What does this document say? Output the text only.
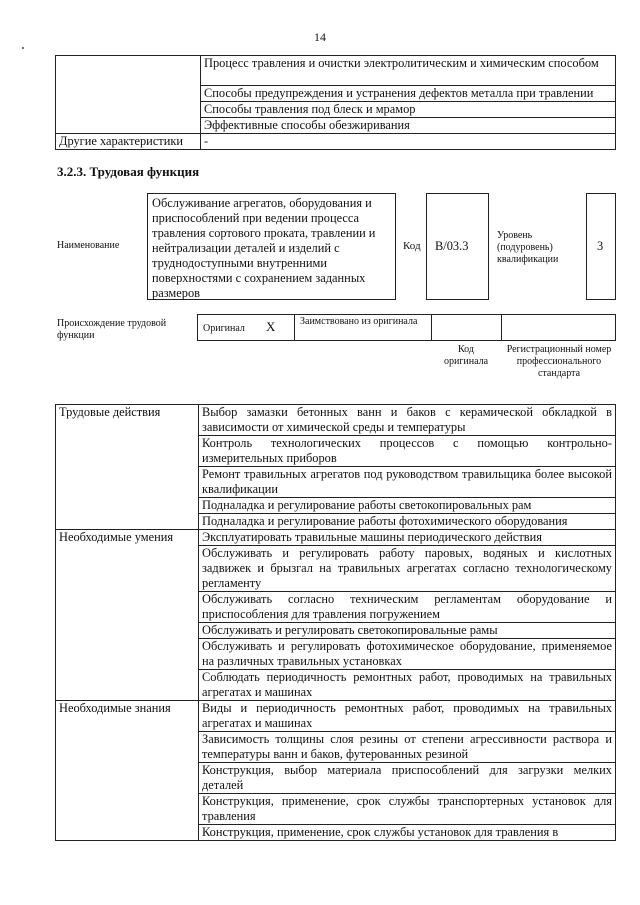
14
	Процесс травления и очистки электролитическим и химическим способом
	Способы предупреждения и устранения дефектов металла при травлении
	Способы травления под блеск и мрамор
	Эффективные способы обезжиривания
Другие характеристики	-
3.2.3. Трудовая функция
Наименование
Обслуживание агрегатов, оборудования и приспособлений при ведении процесса травления сортового проката, травлении и нейтрализации деталей и изделий с труднодоступными внутренними поверхностями с сохранением заданных размеров
Код B/03.3
Уровень (подуровень) квалификации
3
Происхождение трудовой функции
Оригинал X Заимствовано из оригинала
Код оригинала
Регистрационный номер профессионального стандарта
Трудовые действия	Выбор замазки бетонных ванн и баков с керамической обкладкой в зависимости от химической среды и температуры
	Контроль технологических процессов с помощью контрольно-измерительных приборов
	Ремонт травильных агрегатов под руководством травильщика более высокой квалификации
	Подналадка и регулирование работы светокопировальных рам
	Подналадка и регулирование работы фотохимического оборудования
Необходимые умения	Эксплуатировать травильные машины периодического действия
	Обслуживать и регулировать работу паровых, водяных и кислотных задвижек и брызгал на травильных агрегатах согласно технологическому регламенту
	Обслуживать согласно техническим регламентам оборудование и приспособления для травления погружением
	Обслуживать и регулировать светокопировальные рамы
	Обслуживать и регулировать фотохимическое оборудование, применяемое на различных травильных установках
	Соблюдать периодичность ремонтных работ, проводимых на травильных агрегатах и машинах
Необходимые знания	Виды и периодичность ремонтных работ, проводимых на травильных агрегатах и машинах
	Зависимость толщины слоя резины от степени агрессивности раствора и температуры ванн и баков, футерованных резиной
	Конструкция, выбор материала приспособлений для загрузки мелких деталей
	Конструкция, применение, срок службы транспортерных установок для травления
	Конструкция, применение, срок службы установок для травления в
